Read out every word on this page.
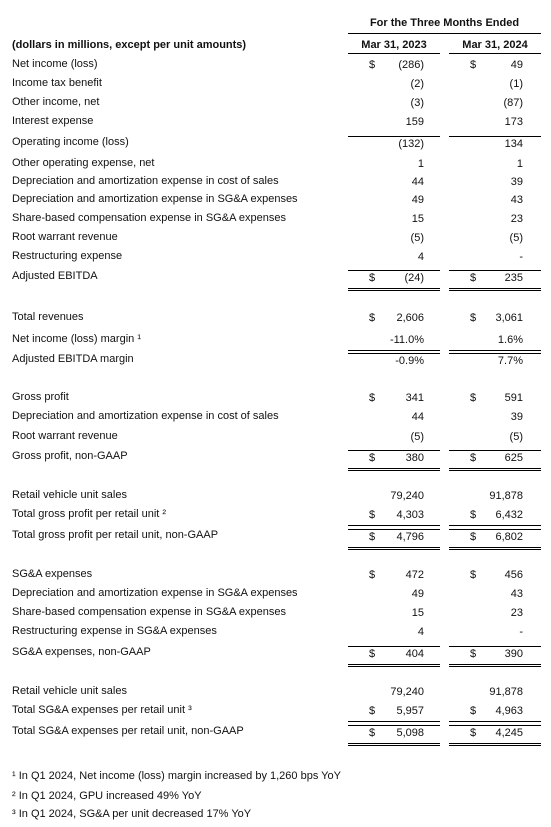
For the Three Months Ended
(dollars in millions, except per unit amounts)	Mar 31, 2023	Mar 31, 2024
Net income (loss)	$ (286)	$	49
Income tax benefit	(2)	(1)
Other income, net	(3)	(87)
Interest expense	159	173
Operating income (loss)	(132)	134
Other operating expense, net	1	1
Depreciation and amortization expense in cost of sales	44	39
Depreciation and amortization expense in SG&A expenses	49	43
Share-based compensation expense in SG&A expenses	15	23
Root warrant revenue	(5)	(5)
Restructuring expense	4	-
Adjusted EBITDA	$	(24)	$	235
Total revenues	$ 2,606	$ 3,061
Net income (loss) margin ¹	-11.0%	1.6%
Adjusted EBITDA margin	-0.9%	7.7%
Gross profit	$	341	$	591
Depreciation and amortization expense in cost of sales	44	39
Root warrant revenue	(5)	(5)
Gross profit, non-GAAP	$	380	$	625
Retail vehicle unit sales	79,240	91,878
Total gross profit per retail unit ²	$ 4,303	$ 6,432
Total gross profit per retail unit, non-GAAP	$ 4,796	$ 6,802
SG&A expenses	$	472	$	456
Depreciation and amortization expense in SG&A expenses	49	43
Share-based compensation expense in SG&A expenses	15	23
Restructuring expense in SG&A expenses	4	-
SG&A expenses, non-GAAP	$	404	$	390
Retail vehicle unit sales	79,240	91,878
Total SG&A expenses per retail unit ³	$ 5,957	$ 4,963
Total SG&A expenses per retail unit, non-GAAP	$ 5,098	$ 4,245
¹ In Q1 2024, Net income (loss) margin increased by 1,260 bps YoY
² In Q1 2024, GPU increased 49% YoY
³ In Q1 2024, SG&A per unit decreased 17% YoY
